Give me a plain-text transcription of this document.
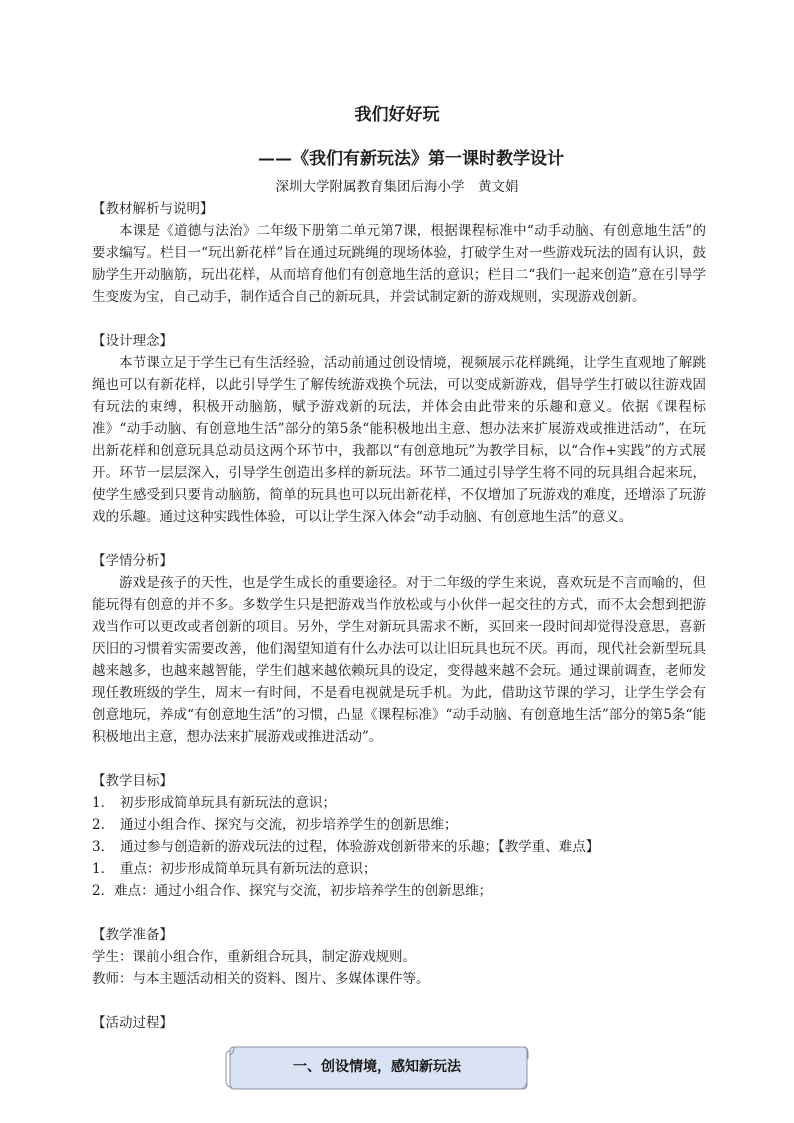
我们好好玩
——《我们有新玩法》第一课时教学设计
深圳大学附属教育集团后海小学　黄文娟

【教材解析与说明】

本课是《道德与法治》二年级下册第二单元第7课，根据课程标准中“动手动脑、有创意地生活”的要求编写。栏目一“玩出新花样”旨在通过玩跳绳的现场体验，打破学生对一些游戏玩法的固有认识，鼓励学生开动脑筋，玩出花样，从而培育他们有创意地生活的意识；栏目二“我们一起来创造”意在引导学生变废为宝，自己动手，制作适合自己的新玩具，并尝试制定新的游戏规则，实现游戏创新。

【设计理念】

本节课立足于学生已有生活经验，活动前通过创设情境，视频展示花样跳绳，让学生直观地了解跳绳也可以有新花样，以此引导学生了解传统游戏换个玩法，可以变成新游戏，倡导学生打破以往游戏固有玩法的束缚，积极开动脑筋，赋予游戏新的玩法，并体会由此带来的乐趣和意义。依据《课程标准》“动手动脑、有创意地生活”部分的第5条“能积极地出主意、想办法来扩展游戏或推进活动”，在玩出新花样和创意玩具总动员这两个环节中，我都以“有创意地玩”为教学目标，以“合作+实践”的方式展开。环节一层层深入，引导学生创造出多样的新玩法。环节二通过引导学生将不同的玩具组合起来玩，使学生感受到只要肯动脑筋，简单的玩具也可以玩出新花样，不仅增加了玩游戏的难度，还增添了玩游戏的乐趣。通过这种实践性体验，可以让学生深入体会“动手动脑、有创意地生活”的意义。

【学情分析】

游戏是孩子的天性，也是学生成长的重要途径。对于二年级的学生来说，喜欢玩是不言而喻的，但能玩得有创意的并不多。多数学生只是把游戏当作放松或与小伙伴一起交往的方式，而不太会想到把游戏当作可以更改或者创新的项目。另外，学生对新玩具需求不断，买回来一段时间却觉得没意思，喜新厌旧的习惯着实需要改善，他们渴望知道有什么办法可以让旧玩具也玩不厌。再而，现代社会新型玩具越来越多，也越来越智能，学生们越来越依赖玩具的设定，变得越来越不会玩。通过课前调查，老师发现任教班级的学生，周末一有时间，不是看电视就是玩手机。为此，借助这节课的学习，让学生学会有创意地玩，养成“有创意地生活”的习惯，凸显《课程标准》“动手动脑、有创意地生活”部分的第5条“能积极地出主意，想办法来扩展游戏或推进活动”。

【教学目标】

1． 初步形成简单玩具有新玩法的意识；

2． 通过小组合作、探究与交流，初步培养学生的创新思维；

3． 通过参与创造新的游戏玩法的过程，体验游戏创新带来的乐趣；【教学重、难点】

1． 重点：初步形成简单玩具有新玩法的意识；

2．难点：通过小组合作、探究与交流，初步培养学生的创新思维；

【教学准备】

学生：课前小组合作，重新组合玩具，制定游戏规则。

教师：与本主题活动相关的资料、图片、多媒体课件等。

【活动过程】

一、创设情境，感知新玩法
